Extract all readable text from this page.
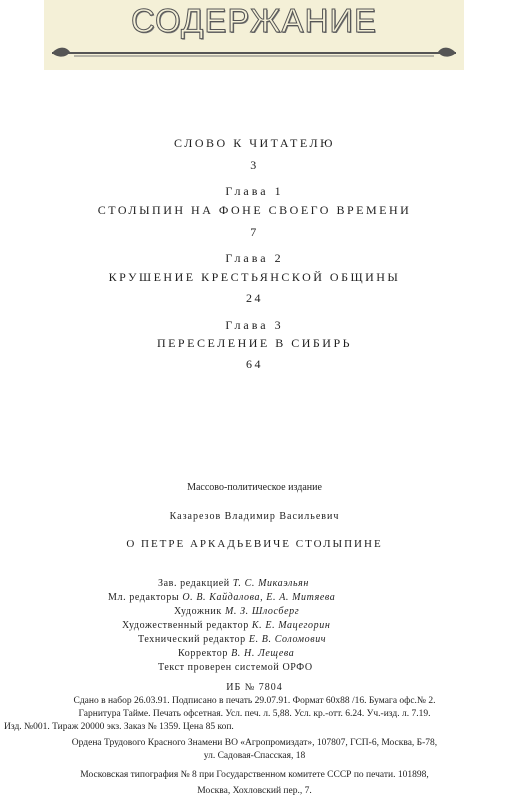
СОДЕРЖАНИЕ
СЛОВО К ЧИТАТЕЛЮ
3
Глава 1
СТОЛЫПИН НА ФОНЕ СВОЕГО ВРЕМЕНИ
7
Глава 2
КРУШЕНИЕ КРЕСТЬЯНСКОЙ ОБЩИНЫ
24
Глава 3
ПЕРЕСЕЛЕНИЕ В СИБИРЬ
64
Массово-политическое издание
Казарезов Владимир Васильевич
О ПЕТРЕ АРКАДЬЕВИЧЕ СТОЛЫПИНЕ
Зав. редакцией Т. С. Микаэльян
Мл. редакторы О. В. Кайдалова, Е. А. Митяева
Художник М. З. Шлосберг
Художественный редактор К. Е. Мацегорин
Технический редактор Е. В. Соломович
Корректор В. Н. Лещева
Текст проверен системой ОРФО
ИБ № 7804
Сдано в набор 26.03.91. Подписано в печать 29.07.91. Формат 60x88 /16. Бумага офс.№ 2.
Гарнитура Тайме. Печать офсетная. Усл. печ. л. 5,88. Усл. кр.-отт. 6.24. Уч.-изд. л. 7.19.
Изд. №001. Тираж 20000 экз. Заказ № 1359. Цена 85 коп.
Ордена Трудового Красного Знамени ВО «Агропромиздат», 107807, ГСП-6, Москва, Б-78,
ул. Садовая-Спасская, 18
Московская типография № 8 при Государственном комитете СССР по печати. 101898,
Москва, Хохловский пер., 7.
